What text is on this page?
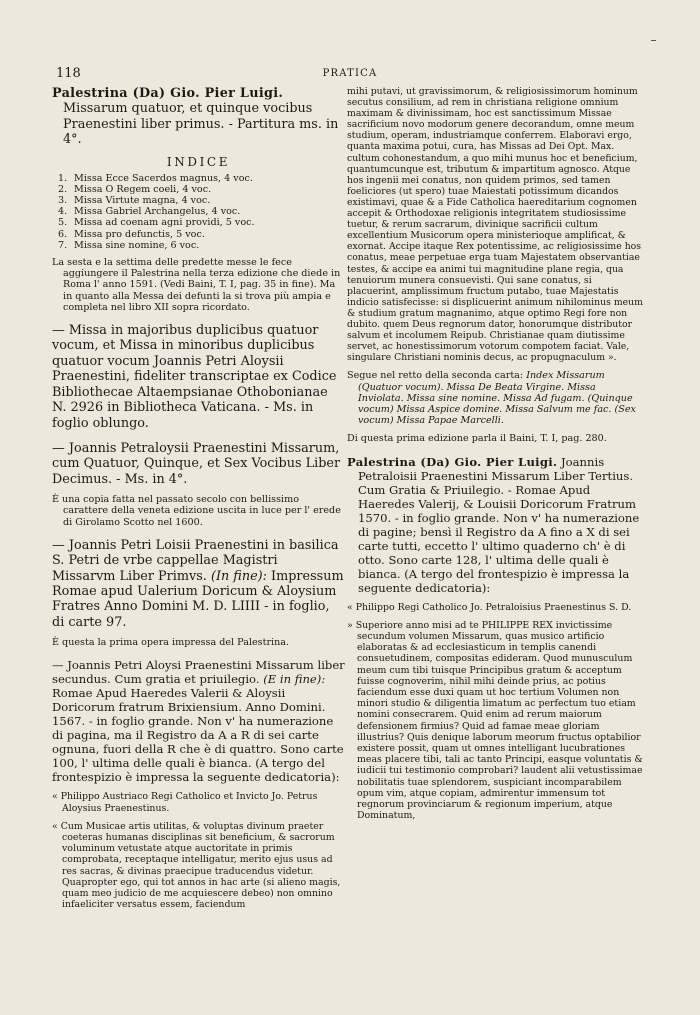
118	PRATICA
Palestrina (Da) Gio. Pier Luigi. Missarum quatuor, et quinque vocibus Praenestini liber primus. - Partitura ms. in 4°.
INDICE
1. Missa Ecce Sacerdos magnus, 4 voc.
2. Missa O Regem coeli, 4 voc.
3. Missa Virtute magna, 4 voc.
4. Missa Gabriel Archangelus, 4 voc.
5. Missa ad coenam agni providi, 5 voc.
6. Missa pro defunctis, 5 voc.
7. Missa sine nomine, 6 voc.
La sesta e la settima delle predette messe le fece aggiungere il Palestrina nella terza edizione che diede in Roma l' anno 1591. (Vedi Baini, T. I, pag. 35 in fine). Ma in quanto alla Messa dei defunti la si trova più ampia e completa nel libro XII sopra ricordato.
— Missa in majoribus duplicibus quatuor vocum, et Missa in minoribus duplicibus quatuor vocum Joannis Petri Aloysii Praenestini, fideliter transcriptae ex Codice Bibliothecae Altaempsianae Othobonianae N. 2926 in Bibliotheca Vaticana. - Ms. in foglio oblungo.
— Joannis Petraloysii Praenestini Missarum, cum Quatuor, Quinque, et Sex Vocibus Liber Decimus. - Ms. in 4°.
È una copia fatta nel passato secolo con bellissimo carattere della veneta edizione uscita in luce per l' erede di Girolamo Scotto nel 1600.
— Joannis Petri Loisii Praenestini in basilica S. Petri de vrbe cappellae Magistri Missarvm Liber Primvs. (In fine): Impressum Romae apud Ualerium Doricum & Aloysium Fratres Anno Domini M. D. LIIII - in foglio, di carte 97.
È questa la prima opera impressa del Palestrina.
— Joannis Petri Aloysi Praenestini Missarum liber secundus. Cum gratia et priuilegio. (E in fine): Romae Apud Haeredes Valerii & Aloysii Doricorum fratrum Brixiensium. Anno Domini. 1567. - in foglio grande. Non v' ha numerazione di pagina, ma il Registro da A a R di sei carte ognuna, fuori della R che è di quattro. Sono carte 100, l' ultima delle quali è bianca. (A tergo del frontespizio è impressa la seguente dedicatoria):
« Philippo Austriaco Regi Catholico et Invicto Jo. Petrus Aloysius Praenestinus.
« Cum Musicae artis utilitas, & voluptas divinum praeter coeteras humanas disciplinas sit beneficium, & sacrorum voluminum vetustate atque auctoritate in primis comprobata, receptaque intelligatur, merito ejus usus ad res sacras, & divinas praecipue traducendus videtur. Quapropter ego, qui tot annos in hac arte (si alieno magis, quam meo judicio de me acquiescere debeo) non omnino infaeliciter versatus essem, faciendum
mihi putavi, ut gravissimorum, & religiosissimorum hominum secutus consilium, ad rem in christiana religione omnium maximam & divinissimam, hoc est sanctissimum Missae sacrificium novo modorum genere decorandum, omne meum studium, operam, industriamque conferrem. Elaboravi ergo, quanta maxima potui, cura, has Missas ad Dei Opt. Max. cultum cohonestandum, a quo mihi munus hoc et beneficium, quantumcunque est, tributum & impartitum agnosco. Atque hos ingenii mei conatus, non quidem primos, sed tamen foeliciores (ut spero) tuae Maiestati potissimum dicandos existimavi, quae & a Fide Catholica haereditarium cognomen accepit & Orthodoxae religionis integritatem studiosissime tuetur, & rerum sacrarum, divinique sacrificii cultum excellentium Musicorum opera ministerioque amplificat, & exornat. Accipe itaque Rex potentissime, ac religiosissime hos conatus, meae perpetuae erga tuam Majestatem observantiae testes, & accipe ea animi tui magnitudine plane regia, qua tenuiorum munera consuevisti. Qui sane conatus, si placuerint, amplissimum fructum putabo, tuae Majestatis indicio satisfecisse: si displicuerint animum nihilominus meum & studium gratum magnanimo, atque optimo Regi fore non dubito. quem Deus regnorum dator, honorumque distributor salvum et incolumem Reipub. Christianae quam diutissime servet, ac honestissimorum votorum compotem faciat. Vale, singulare Christiani nominis decus, ac propugnaculum ».
Segue nel retto della seconda carta: Index Missarum (Quatuor vocum). Missa De Beata Virgine. Missa Inviolata. Missa sine nomine. Missa Ad fugam. (Quinque vocum) Missa Aspice domine. Missa Salvum me fac. (Sex vocum) Missa Papae Marcelli.
Di questa prima edizione parla il Baini, T. I, pag. 280.
Palestrina (Da) Gio. Pier Luigi. Joannis Petraloisii Praenestini Missarum Liber Tertius. Cum Gratia & Priuilegio. - Romae Apud Haeredes Valerij, & Louisii Doricorum Fratrum 1570. - in foglio grande. Non v' ha numerazione di pagine; bensì il Registro da A fino a X di sei carte tutti, eccetto l' ultimo quaderno ch' è di otto. Sono carte 128, l' ultima delle quali è bianca. (A tergo del frontespizio è impressa la seguente dedicatoria):
« Philippo Regi Catholico Jo. Petraloisius Praenestinus S. D.
» Superiore anno misi ad te PHILIPPE REX invictissime secundum volumen Missarum, quas musico artificio elaboratas & ad ecclesiasticum in templis canendi consuetudinem, compositas edideram. Quod munusculum meum cum tibi tuisque Principibus gratum & acceptum fuisse cognoverim, nihil mihi deinde prius, ac potius faciendum esse duxi quam ut hoc tertium Volumen non minori studio & diligentia limatum ac perfectum tuo etiam nomini consecrarem. Quid enim ad rerum maiorum defensionem firmius? Quid ad famae meae gloriam illustrius? Quis denique laborum meorum fructus optabilior existere possit, quam ut omnes intelligant lucubrationes meas placere tibi, tali ac tanto Principi, easque voluntatis & iudicii tui testimonio comprobari? laudent alii vetustissimae nobilitatis tuae splendorem, suspiciant incomparabilem opum vim, atque copiam, admirentur immensum tot regnorum provinciarum & regionum imperium, atque Dominatum,
